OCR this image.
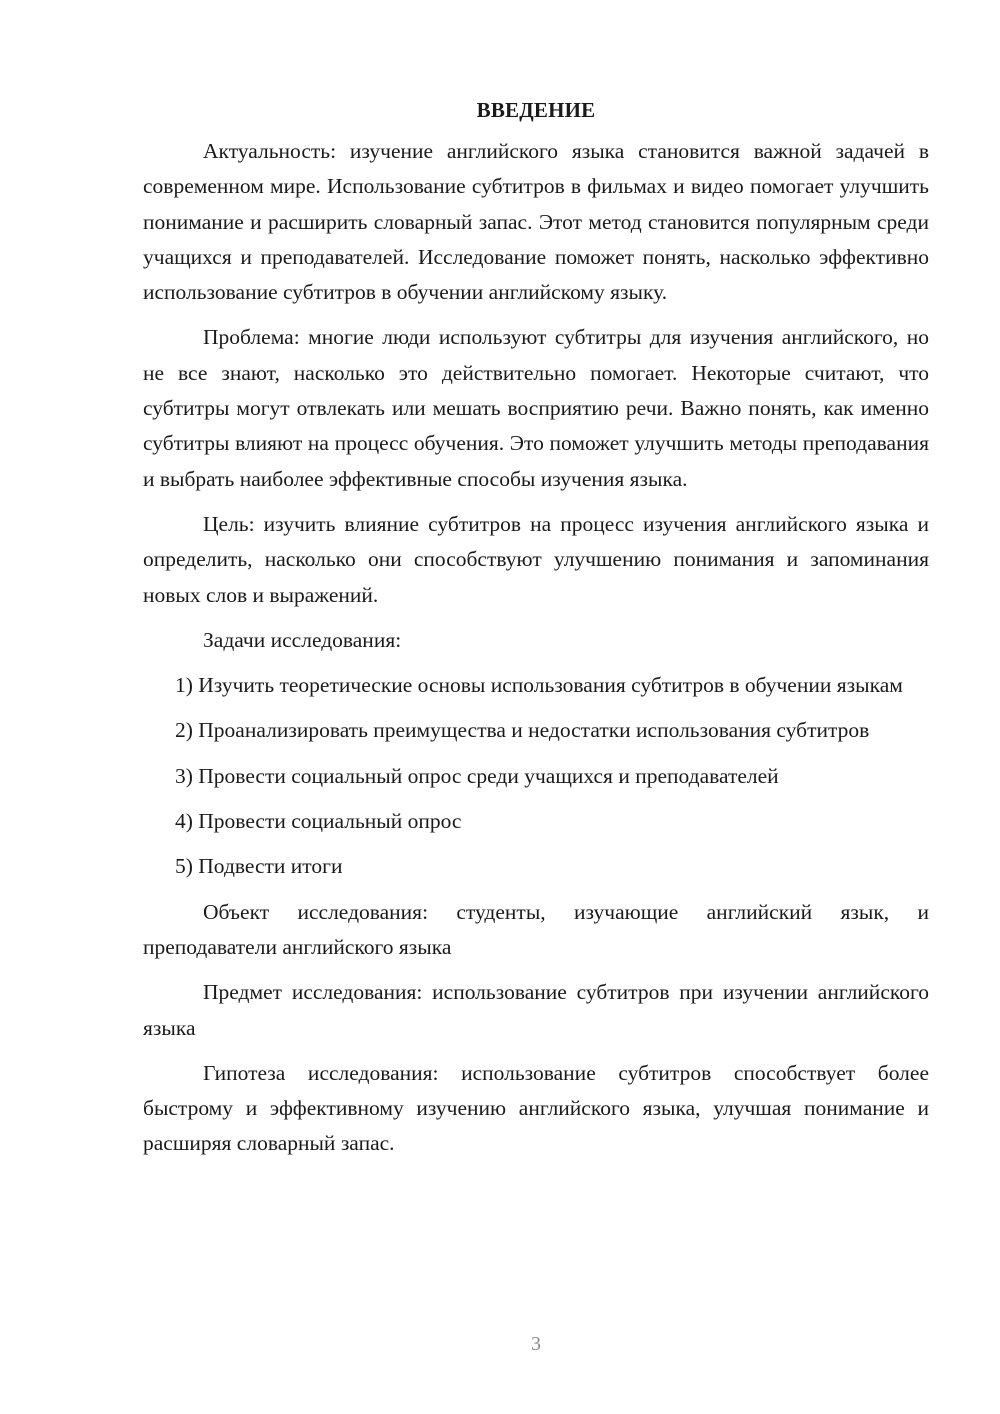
ВВЕДЕНИЕ

Актуальность: изучение английского языка становится важной задачей в современном мире. Использование субтитров в фильмах и видео помогает улучшить понимание и расширить словарный запас. Этот метод становится популярным среди учащихся и преподавателей. Исследование поможет понять, насколько эффективно использование субтитров в обучении английскому языку.

Проблема: многие люди используют субтитры для изучения английского, но не все знают, насколько это действительно помогает. Некоторые считают, что субтитры могут отвлекать или мешать восприятию речи. Важно понять, как именно субтитры влияют на процесс обучения. Это поможет улучшить методы преподавания и выбрать наиболее эффективные способы изучения языка.

Цель: изучить влияние субтитров на процесс изучения английского языка и определить, насколько они способствуют улучшению понимания и запоминания новых слов и выражений.

Задачи исследования:

1) Изучить теоретические основы использования субтитров в обучении языкам

2) Проанализировать преимущества и недостатки использования субтитров

3) Провести социальный опрос среди учащихся и преподавателей

4) Провести социальный опрос

5) Подвести итоги

Объект исследования: студенты, изучающие английский язык, и преподаватели английского языка

Предмет исследования: использование субтитров при изучении английского языка

Гипотеза исследования: использование субтитров способствует более быстрому и эффективному изучению английского языка, улучшая понимание и расширяя словарный запас.

3
